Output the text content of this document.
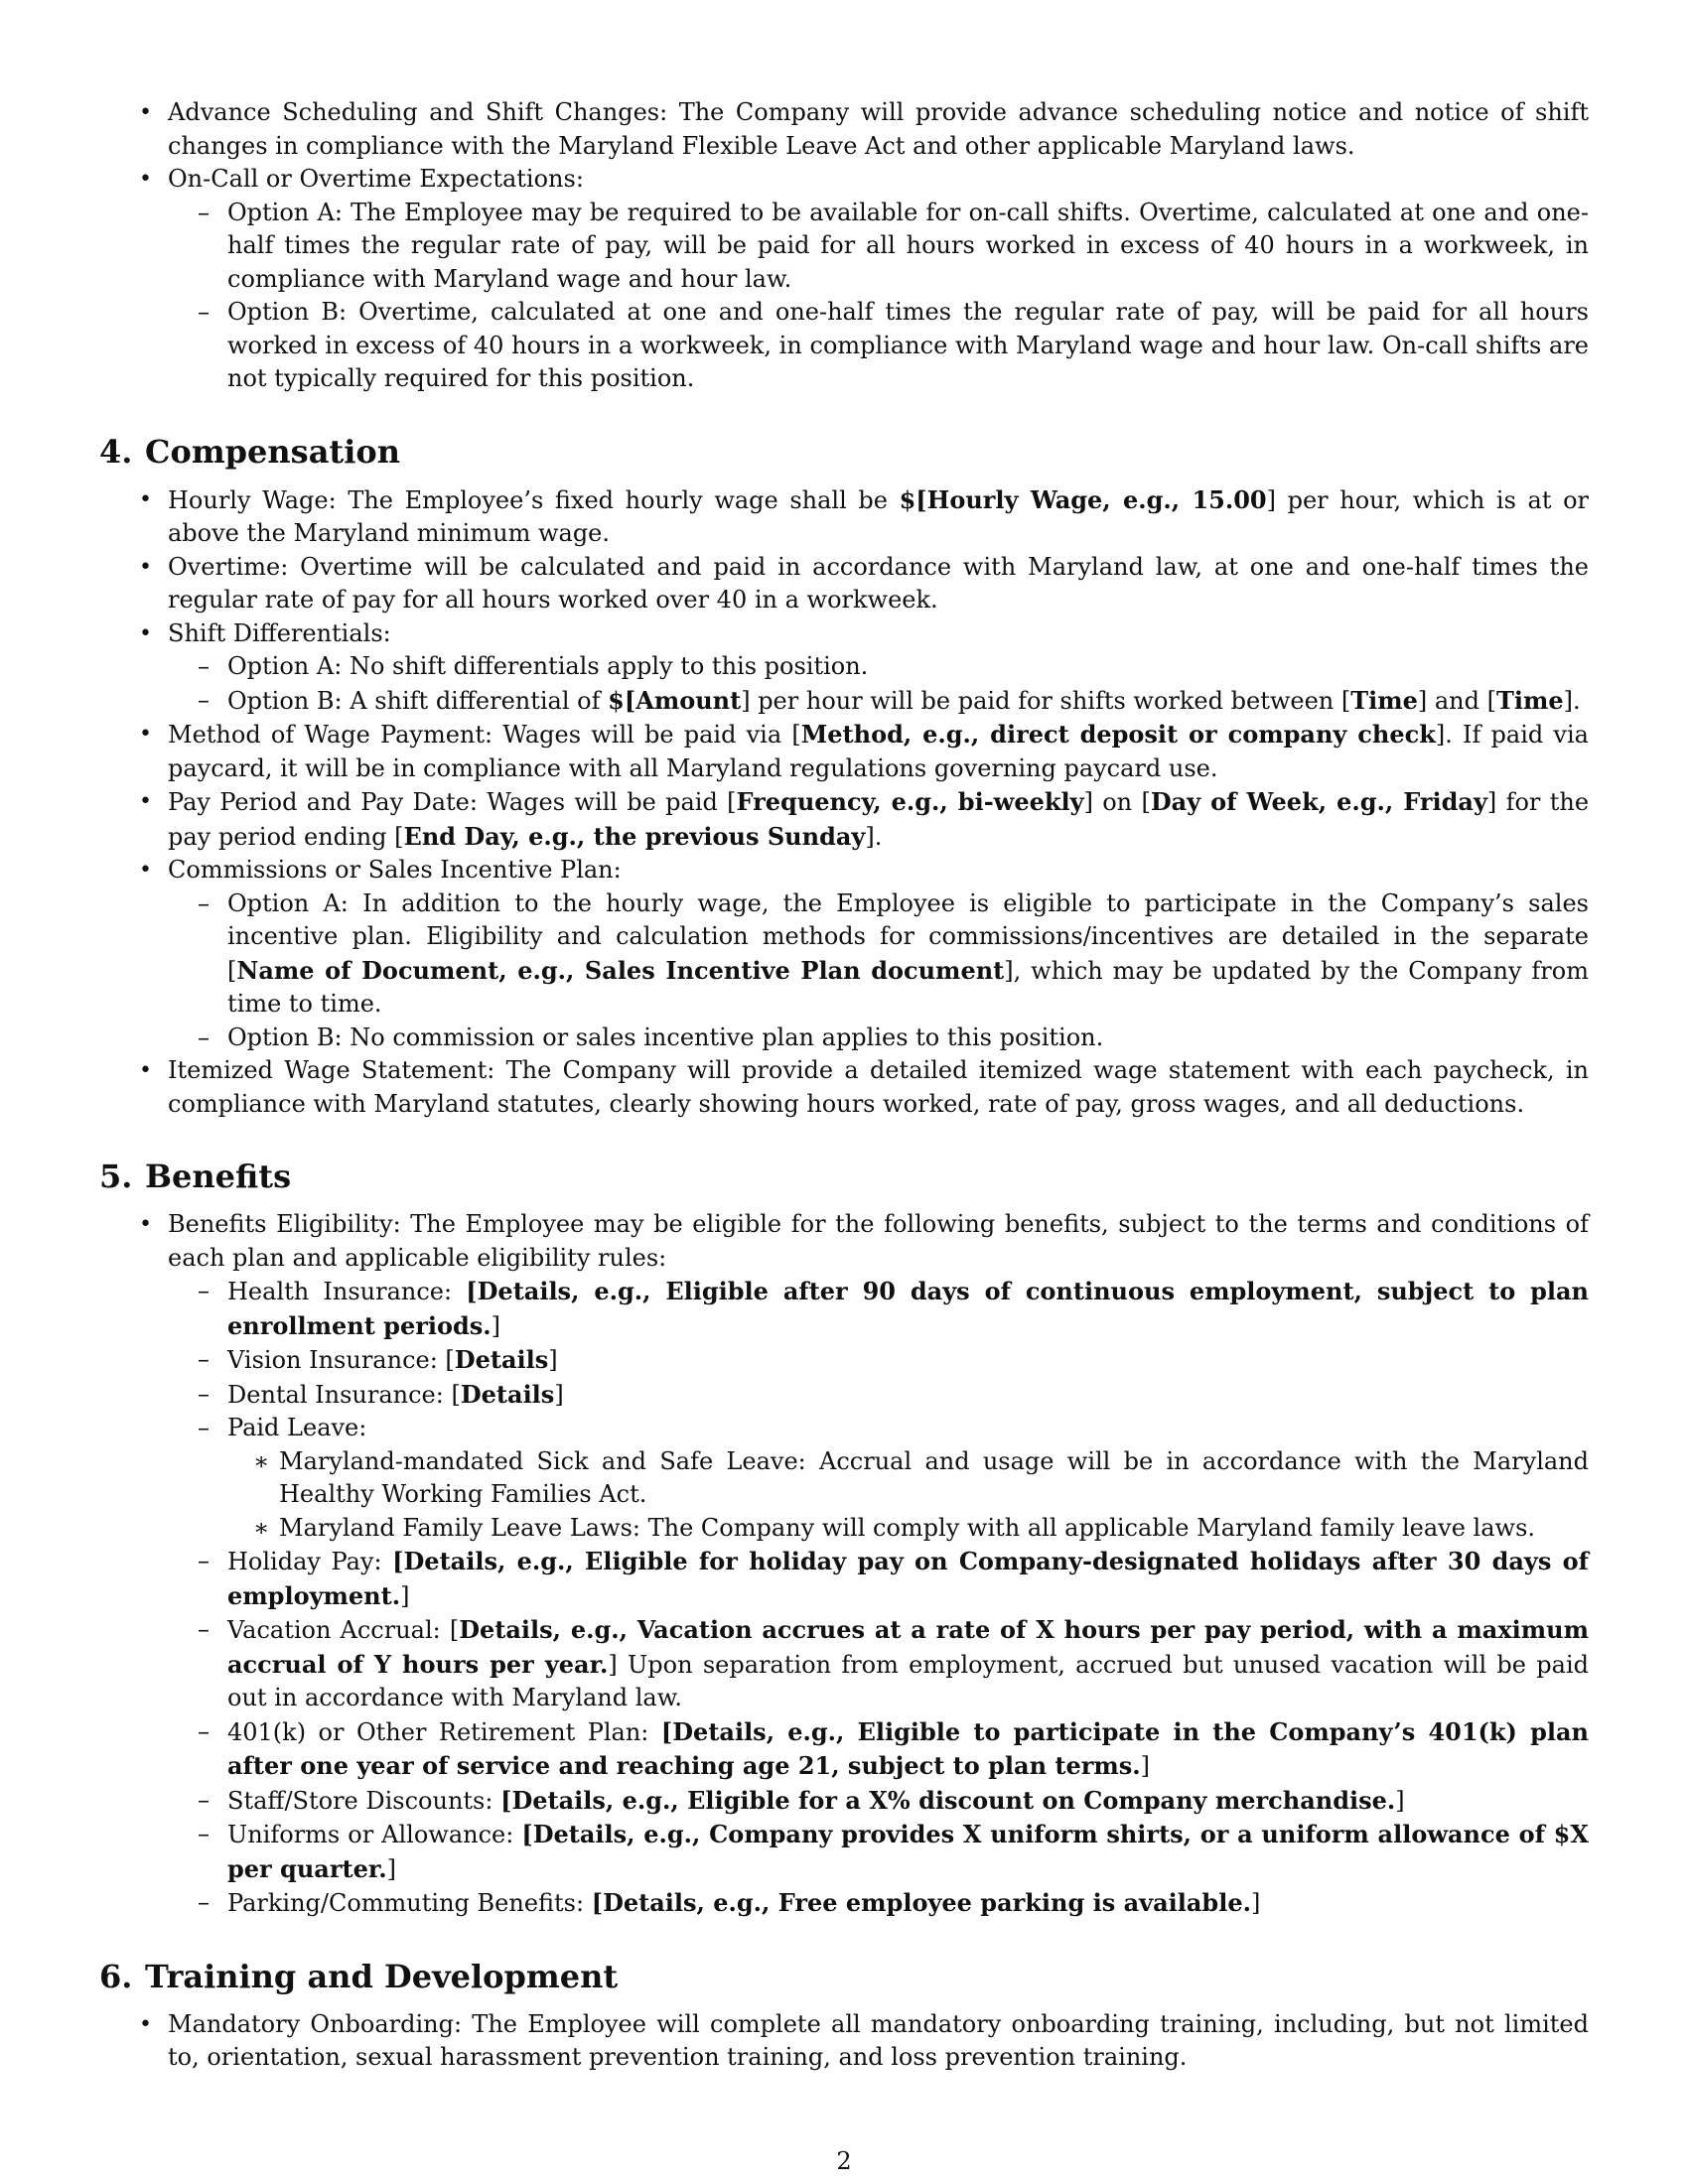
• Advance Scheduling and Shift Changes: The Company will provide advance scheduling notice and notice of shift changes in compliance with the Maryland Flexible Leave Act and other applicable Maryland laws.
• On-Call or Overtime Expectations:
– Option A: The Employee may be required to be available for on-call shifts. Overtime, calculated at one and one-half times the regular rate of pay, will be paid for all hours worked in excess of 40 hours in a workweek, in compliance with Maryland wage and hour law.
– Option B: Overtime, calculated at one and one-half times the regular rate of pay, will be paid for all hours worked in excess of 40 hours in a workweek, in compliance with Maryland wage and hour law. On-call shifts are not typically required for this position.
4. Compensation
• Hourly Wage: The Employee’s fixed hourly wage shall be $[Hourly Wage, e.g., 15.00] per hour, which is at or above the Maryland minimum wage.
• Overtime: Overtime will be calculated and paid in accordance with Maryland law, at one and one-half times the regular rate of pay for all hours worked over 40 in a workweek.
• Shift Differentials:
– Option A: No shift differentials apply to this position.
– Option B: A shift differential of $[Amount] per hour will be paid for shifts worked between [Time] and [Time].
• Method of Wage Payment: Wages will be paid via [Method, e.g., direct deposit or company check]. If paid via paycard, it will be in compliance with all Maryland regulations governing paycard use.
• Pay Period and Pay Date: Wages will be paid [Frequency, e.g., bi-weekly] on [Day of Week, e.g., Friday] for the pay period ending [End Day, e.g., the previous Sunday].
• Commissions or Sales Incentive Plan:
– Option A: In addition to the hourly wage, the Employee is eligible to participate in the Company’s sales incentive plan. Eligibility and calculation methods for commissions/incentives are detailed in the separate [Name of Document, e.g., Sales Incentive Plan document], which may be updated by the Company from time to time.
– Option B: No commission or sales incentive plan applies to this position.
• Itemized Wage Statement: The Company will provide a detailed itemized wage statement with each paycheck, in compliance with Maryland statutes, clearly showing hours worked, rate of pay, gross wages, and all deductions.
5. Benefits
• Benefits Eligibility: The Employee may be eligible for the following benefits, subject to the terms and conditions of each plan and applicable eligibility rules:
– Health Insurance: [Details, e.g., Eligible after 90 days of continuous employment, subject to plan enrollment periods.]
– Vision Insurance: [Details]
– Dental Insurance: [Details]
– Paid Leave:
∗ Maryland-mandated Sick and Safe Leave: Accrual and usage will be in accordance with the Maryland Healthy Working Families Act.
∗ Maryland Family Leave Laws: The Company will comply with all applicable Maryland family leave laws.
– Holiday Pay: [Details, e.g., Eligible for holiday pay on Company-designated holidays after 30 days of employment.]
– Vacation Accrual: [Details, e.g., Vacation accrues at a rate of X hours per pay period, with a maximum accrual of Y hours per year.] Upon separation from employment, accrued but unused vacation will be paid out in accordance with Maryland law.
– 401(k) or Other Retirement Plan: [Details, e.g., Eligible to participate in the Company’s 401(k) plan after one year of service and reaching age 21, subject to plan terms.]
– Staff/Store Discounts: [Details, e.g., Eligible for a X% discount on Company merchandise.]
– Uniforms or Allowance: [Details, e.g., Company provides X uniform shirts, or a uniform allowance of $X per quarter.]
– Parking/Commuting Benefits: [Details, e.g., Free employee parking is available.]
6. Training and Development
• Mandatory Onboarding: The Employee will complete all mandatory onboarding training, including, but not limited to, orientation, sexual harassment prevention training, and loss prevention training.
2
